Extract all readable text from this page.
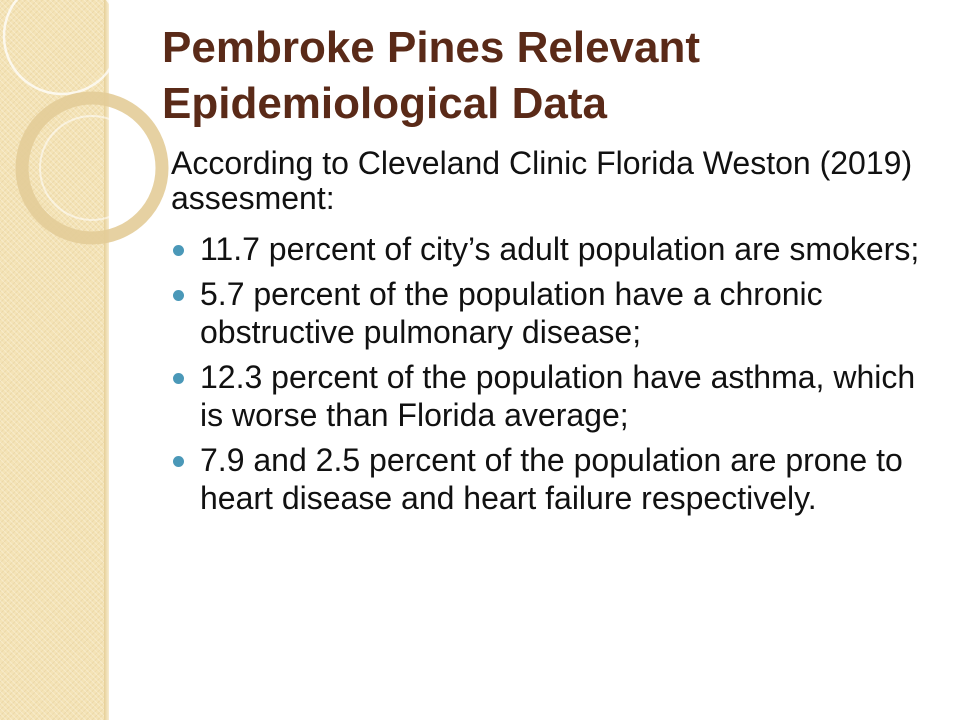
Pembroke Pines Relevant Epidemiological Data

According to Cleveland Clinic Florida Weston (2019) assesment:

11.7 percent of city’s adult population are smokers;
5.7 percent of the population have a chronic obstructive pulmonary disease;
12.3 percent of the population have asthma, which is worse than Florida average;
7.9 and 2.5 percent of the population are prone to heart disease and heart failure respectively.
